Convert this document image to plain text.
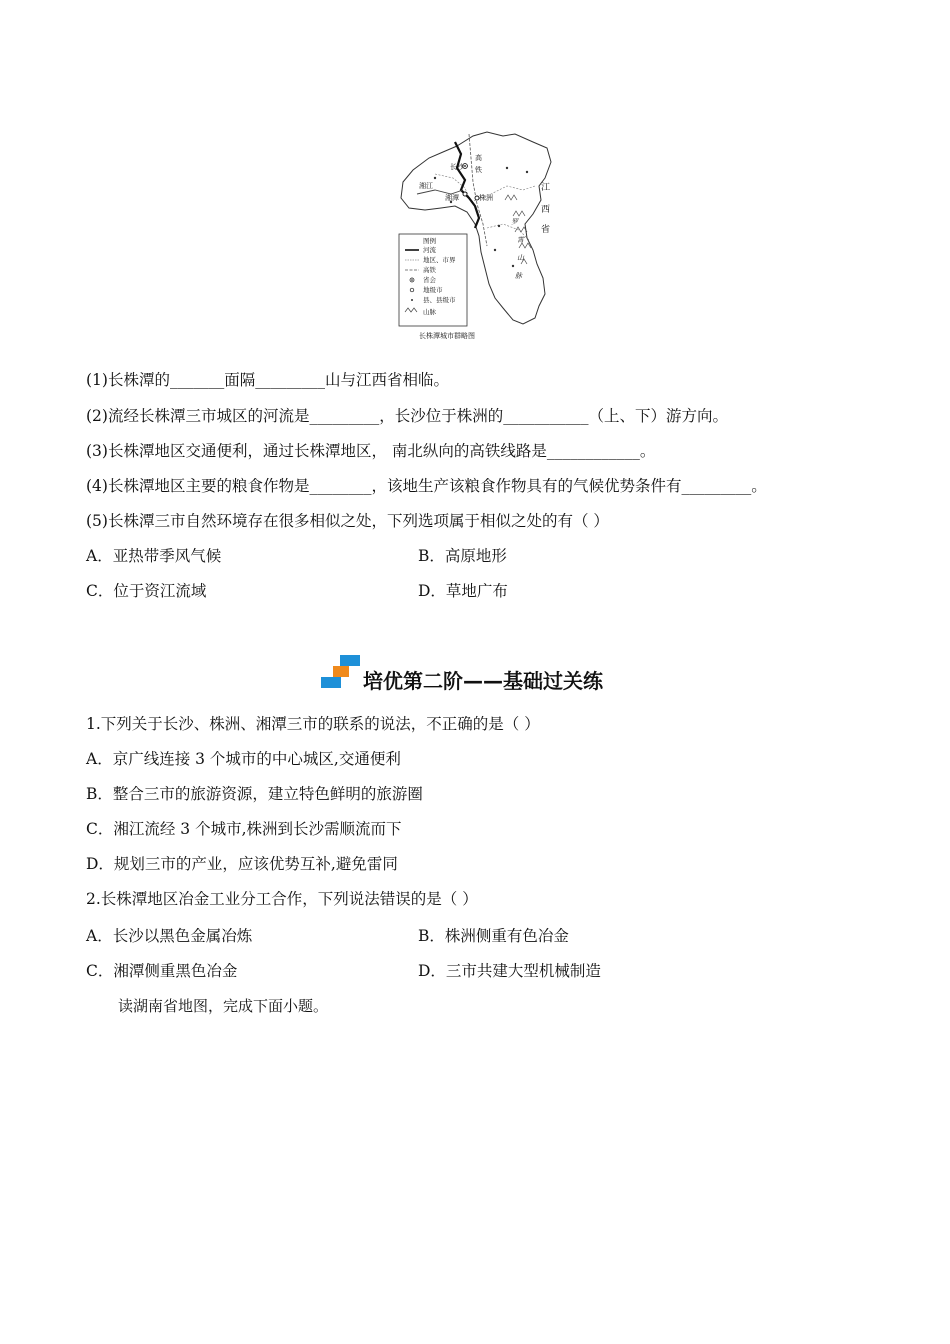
长沙
湘潭	株洲
高
铁
湘江	江
西
省
罗
霄
山
脉
图例
河流
地区、市界
高铁
省会
地级市
县、县级市
山脉
长株潭城市群略图
(1)长株潭的_______面隔_________山与江西省相临。
(2)流经长株潭三市城区的河流是_________，长沙位于株洲的___________（上、下）游方向。
(3)长株潭地区交通便利，通过长株潭地区， 南北纵向的高铁线路是____________。
(4)长株潭地区主要的粮食作物是________，该地生产该粮食作物具有的气候优势条件有_________。
(5)长株潭三市自然环境存在很多相似之处，下列选项属于相似之处的有（ ）
A．亚热带季风气候	B．高原地形
C．位于资江流域	D．草地广布
培优第二阶——基础过关练
1.下列关于长沙、株洲、湘潭三市的联系的说法，不正确的是（ ）
A．京广线连接 3 个城市的中心城区,交通便利
B．整合三市的旅游资源，建立特色鲜明的旅游圈
C．湘江流经 3 个城市,株洲到长沙需顺流而下
D．规划三市的产业，应该优势互补,避免雷同
2.长株潭地区冶金工业分工合作，下列说法错误的是（ ）
A．长沙以黑色金属冶炼	B．株洲侧重有色冶金
C．湘潭侧重黑色冶金	D．三市共建大型机械制造
读湖南省地图，完成下面小题。
